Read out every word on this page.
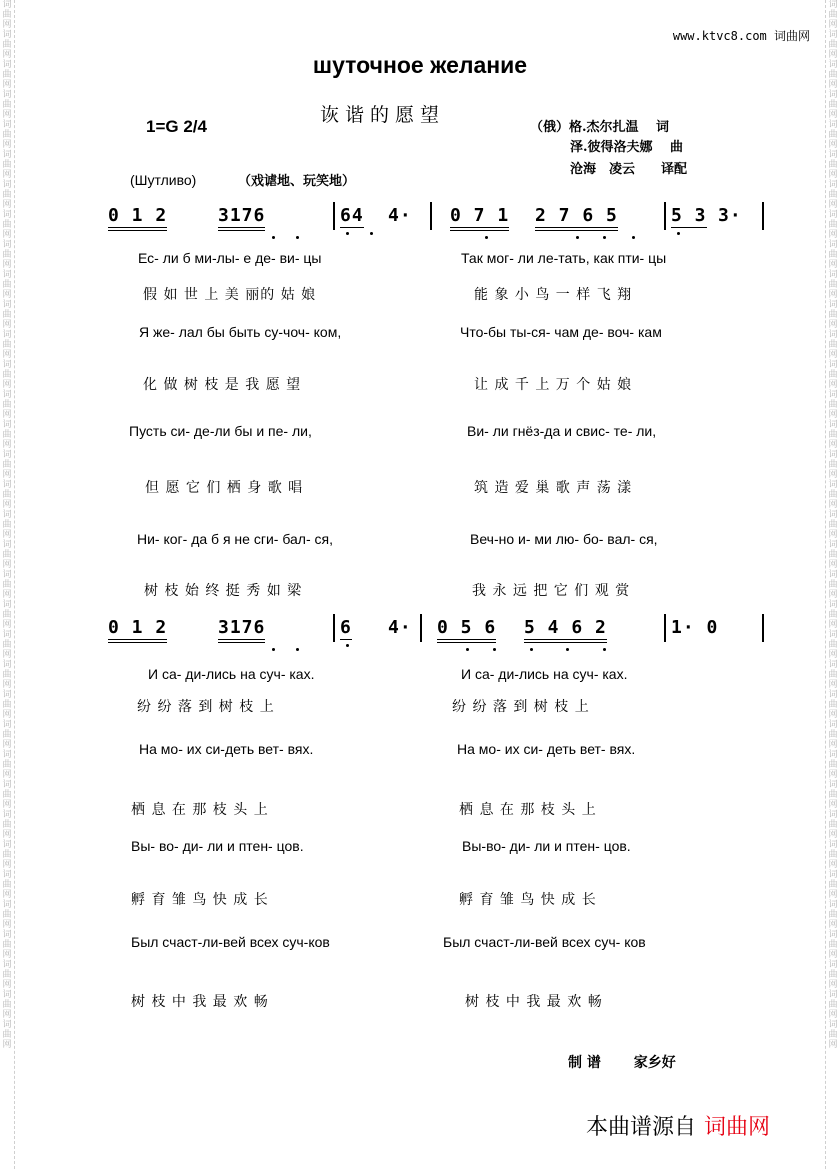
词曲网词曲网词曲网词曲网词曲网词曲网词曲网词曲网词曲网词曲网词曲网词曲网词曲网词曲网词曲网词曲网词曲网词曲网词曲网词曲网词曲网词曲网词曲网词曲网词曲网词曲网词曲网词曲网词曲网词曲网词曲网词曲网词曲网词曲网词曲网
词曲网词曲网词曲网词曲网词曲网词曲网词曲网词曲网词曲网词曲网词曲网词曲网词曲网词曲网词曲网词曲网词曲网词曲网词曲网词曲网词曲网词曲网词曲网词曲网词曲网词曲网词曲网词曲网词曲网词曲网词曲网词曲网词曲网词曲网词曲网
www.ktvc8.com 词曲网
шуточное желание
诙谐的愿望
1=G 2/4	（俄）格.杰尔扎温　 词
泽.彼得洛夫娜　 曲
沧海　凌云　　译配
(Шутливо)	（戏谑地、玩笑地）
0 1 2	3176	64 4· 0 7 1 2 7 6 5	5 3 3·
Ес- ли б ми-лы- е де- ви- цы	Так мог- ли ле-тать, как пти- цы
假 如 世 上 美 丽的 姑 娘	能 象 小 鸟 一 样 飞 翔
Я же- лал бы быть су-чоч- ком,	Что-бы ты-ся- чам де- воч- кам
化 做 树 枝 是 我 愿 望	让 成 千 上 万 个 姑 娘
Пусть си- де-ли бы и пе- ли,	Ви- ли гнёз-да и свис- те- ли,
但 愿 它 们 栖 身 歌 唱	筑 造 爱 巢 歌 声 荡 漾
Ни- ког- да б я не сги- бал- ся,	Веч-но и- ми лю- бо- вал- ся,
树 枝 始 终 挺 秀 如 梁	我 永 远 把 它 们 观 赏
0 1 2	3176	6 4· 0 5 6 5 4 6 2	1· 0
И са- ди-лись на суч- ках.	И са- ди-лись на суч- ках.
纷 纷 落 到 树 枝 上	纷 纷 落 到 树 枝 上
На мо- их си-деть вет- вях.	На мо- их си- деть вет- вях.
栖 息 在 那 枝 头 上	栖 息 在 那 枝 头 上
Вы- во- ди- ли и птен- цов.	Вы-во- ди- ли и птен- цов.
孵 育 雏 鸟 快 成 长	孵 育 雏 鸟 快 成 长
Был счаст-ли-вей всех суч-ков	Был счаст-ли-вей всех суч- ков
树 枝 中 我 最 欢 畅	树 枝 中 我 最 欢 畅
制 谱　　 家乡好
本曲谱源自 词曲网
